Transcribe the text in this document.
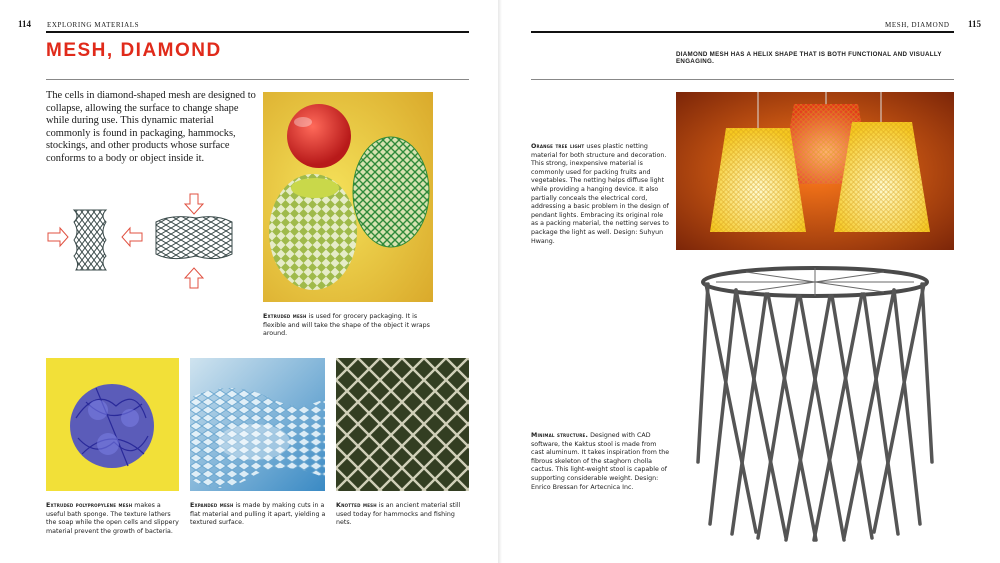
114 EXPLORING MATERIALS
MESH, DIAMOND
The cells in diamond-shaped mesh are designed to collapse, allowing the surface to change shape while during use. This dynamic material commonly is found in packaging, hammocks, stockings, and other products whose surface conforms to a body or object inside it.
Extruded mesh is used for grocery packaging. It is flexible and will take the shape of the object it wraps around.
Extruded polypropylene mesh makes a useful bath sponge. The texture lathers the soap while the open cells and slippery material prevent the growth of bacteria.
Expanded mesh is made by making cuts in a flat material and pulling it apart, yielding a textured surface.
Knotted mesh is an ancient material still used today for hammocks and fishing nets.
MESH, DIAMOND 115
DIAMOND MESH HAS A HELIX SHAPE THAT IS BOTH FUNCTIONAL AND VISUALLY ENGAGING.
Orange tree light uses plastic netting material for both structure and decoration. This strong, inexpensive material is commonly used for packing fruits and vegetables. The netting helps diffuse light while providing a hanging device. It also partially conceals the electrical cord, addressing a basic problem in the design of pendant lights. Embracing its original role as a packing material, the netting serves to package the light as well. Design: Suhyun Hwang.
Minimal structure. Designed with CAD software, the Kaktus stool is made from cast aluminum. It takes inspiration from the fibrous skeleton of the staghorn cholla cactus. This light-weight stool is capable of supporting considerable weight. Design: Enrico Bressan for Artecnica Inc.
